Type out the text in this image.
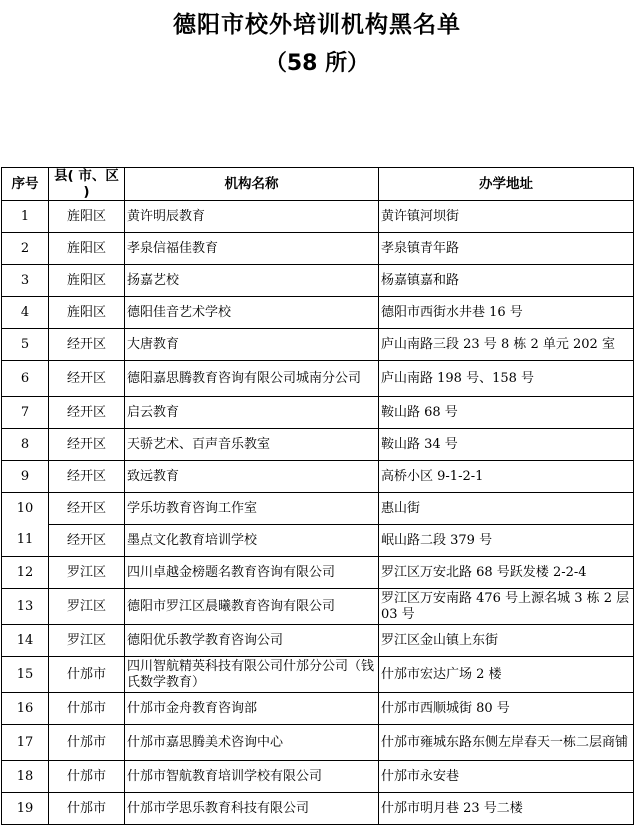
德阳市校外培训机构黑名单
（58 所）
序号	县( 市、区 )	机构名称	办学地址
1	旌阳区	黄许明辰教育	黄许镇河坝街
2	旌阳区	孝泉信福佳教育	孝泉镇青年路
3	旌阳区	扬嘉艺校	杨嘉镇嘉和路
4	旌阳区	德阳佳音艺术学校	德阳市西街水井巷 16 号
5	经开区	大唐教育	庐山南路三段 23 号 8 栋 2 单元 202 室
6	经开区	德阳嘉思腾教育咨询有限公司城南分公司	庐山南路 198 号、158 号
7	经开区	启云教育	鞍山路 68 号
8	经开区	天骄艺术、百声音乐教室	鞍山路 34 号
9	经开区	致远教育	高桥小区 9-1-2-1
10	经开区	学乐坊教育咨询工作室	惠山街
11	经开区	墨点文化教育培训学校	岷山路二段 379 号
12	罗江区	四川卓越金榜题名教育咨询有限公司	罗江区万安北路 68 号跃发楼 2-2-4
13	罗江区	德阳市罗江区晨曦教育咨询有限公司	罗江区万安南路 476 号上源名城 3 栋 2 层 03 号
14	罗江区	德阳优乐教学教育咨询公司	罗江区金山镇上东街
15	什邡市	四川智航精英科技有限公司什邡分公司（钱氏数学教育）	什邡市宏达广场 2 楼
16	什邡市	什邡市金舟教育咨询部	什邡市西顺城街 80 号
17	什邡市	什邡市嘉思腾美术咨询中心	什邡市雍城东路东侧左岸春天一栋二层商铺
18	什邡市	什邡市智航教育培训学校有限公司	什邡市永安巷
19	什邡市	什邡市学思乐教育科技有限公司	什邡市明月巷 23 号二楼
